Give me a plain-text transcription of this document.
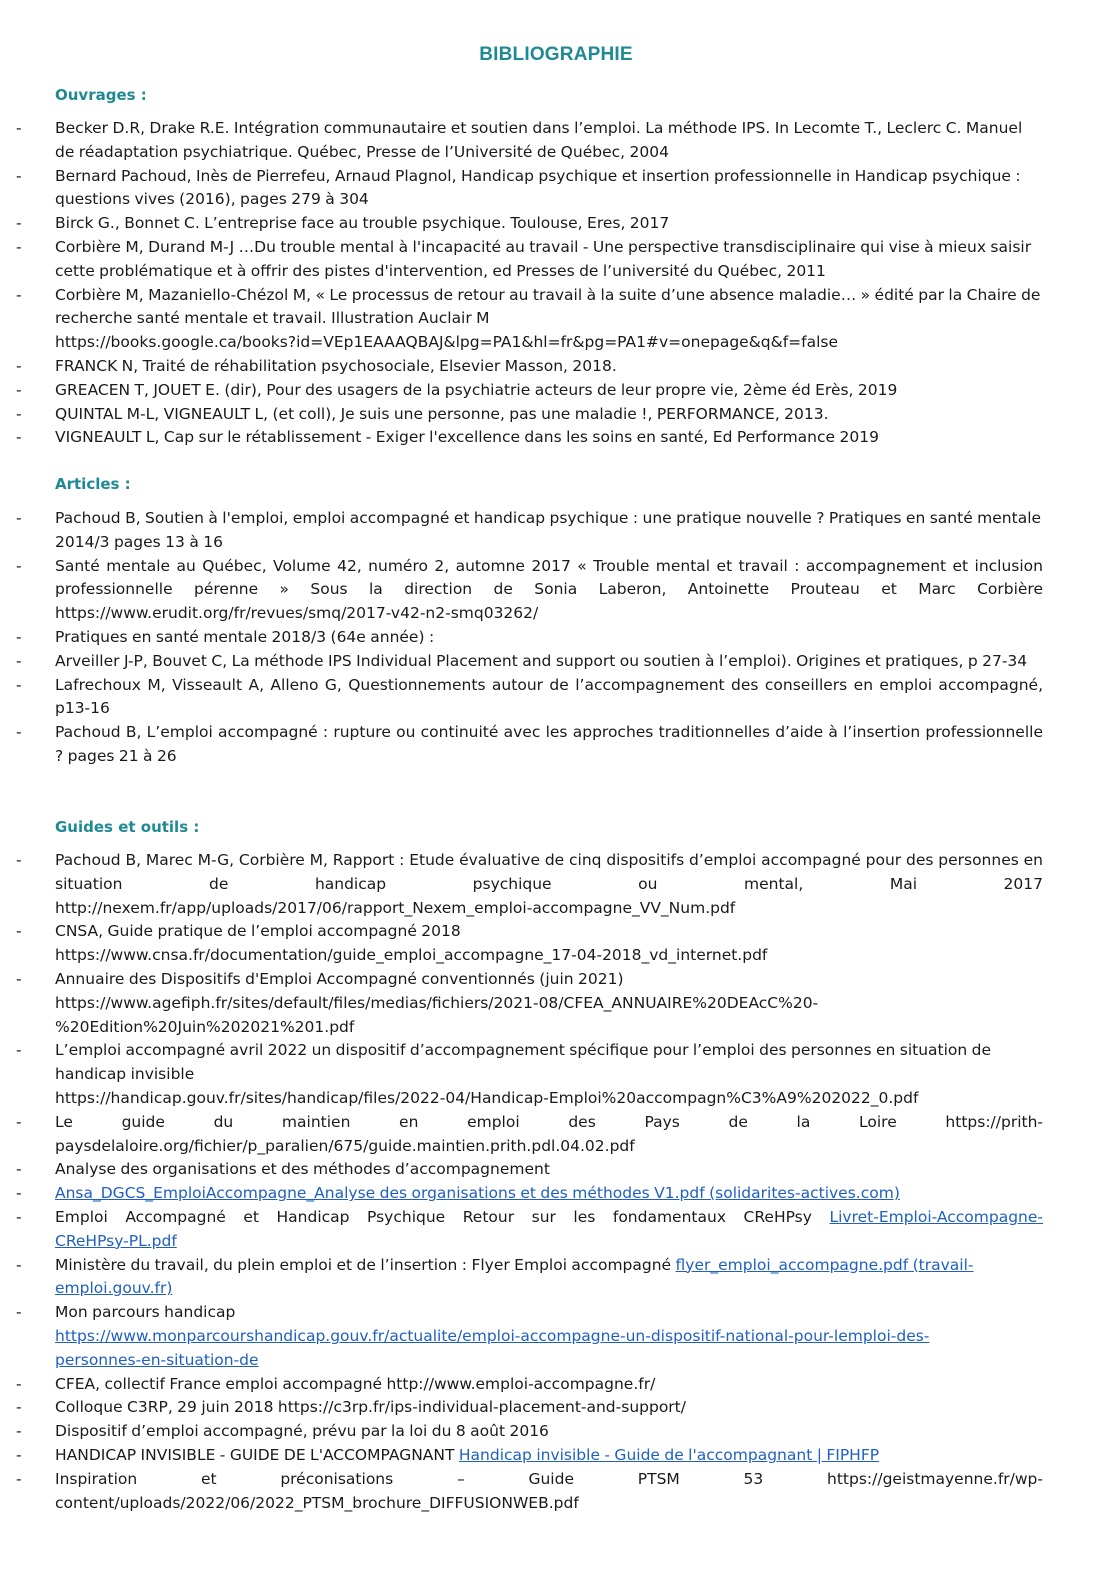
BIBLIOGRAPHIE
Ouvrages :
- Becker D.R, Drake R.E. Intégration communautaire et soutien dans l’emploi. La méthode IPS. In Lecomte T., Leclerc C. Manuel de réadaptation psychiatrique. Québec, Presse de l’Université de Québec, 2004
- Bernard Pachoud, Inès de Pierrefeu, Arnaud Plagnol, Handicap psychique et insertion professionnelle in Handicap psychique : questions vives (2016), pages 279 à 304
- Birck G., Bonnet C. L’entreprise face au trouble psychique. Toulouse, Eres, 2017
- Corbière M, Durand M-J …Du trouble mental à l'incapacité au travail - Une perspective transdisciplinaire qui vise à mieux saisir cette problématique et à offrir des pistes d'intervention, ed Presses de l’université du Québec, 2011
- Corbière M, Mazaniello-Chézol M, « Le processus de retour au travail à la suite d’une absence maladie… » édité par la Chaire de recherche santé mentale et travail. Illustration Auclair M
https://books.google.ca/books?id=VEp1EAAAQBAJ&lpg=PA1&hl=fr&pg=PA1#v=onepage&q&f=false
- FRANCK N, Traité de réhabilitation psychosociale, Elsevier Masson, 2018.
- GREACEN T, JOUET E. (dir), Pour des usagers de la psychiatrie acteurs de leur propre vie, 2ème éd Erès, 2019
- QUINTAL M-L, VIGNEAULT L, (et coll), Je suis une personne, pas une maladie !, PERFORMANCE, 2013.
- VIGNEAULT L, Cap sur le rétablissement - Exiger l'excellence dans les soins en santé, Ed Performance 2019
Articles :
- Pachoud B, Soutien à l'emploi, emploi accompagné et handicap psychique : une pratique nouvelle ? Pratiques en santé mentale 2014/3 pages 13 à 16
- Santé mentale au Québec, Volume 42, numéro 2, automne 2017 « Trouble mental et travail : accompagnement et inclusion professionnelle pérenne » Sous la direction de Sonia Laberon, Antoinette Prouteau et Marc Corbière
https://www.erudit.org/fr/revues/smq/2017-v42-n2-smq03262/
- Pratiques en santé mentale 2018/3 (64e année) :
- Arveiller J-P, Bouvet C, La méthode IPS Individual Placement and support ou soutien à l’emploi). Origines et pratiques, p 27-34
- Lafrechoux M, Visseault A, Alleno G, Questionnements autour de l’accompagnement des conseillers en emploi accompagné, p13-16
- Pachoud B, L’emploi accompagné : rupture ou continuité avec les approches traditionnelles d’aide à l’insertion professionnelle ? pages 21 à 26
Guides et outils :
- Pachoud B, Marec M-G, Corbière M, Rapport : Etude évaluative de cinq dispositifs d’emploi accompagné pour des personnes en situation de handicap psychique ou mental, Mai 2017
http://nexem.fr/app/uploads/2017/06/rapport_Nexem_emploi-accompagne_VV_Num.pdf
- CNSA, Guide pratique de l’emploi accompagné 2018
https://www.cnsa.fr/documentation/guide_emploi_accompagne_17-04-2018_vd_internet.pdf
- Annuaire des Dispositifs d'Emploi Accompagné conventionnés (juin 2021)
https://www.agefiph.fr/sites/default/files/medias/fichiers/2021-08/CFEA_ANNUAIRE%20DEAcC%20-
%20Edition%20Juin%202021%201.pdf
- L’emploi accompagné avril 2022 un dispositif d’accompagnement spécifique pour l’emploi des personnes en situation de handicap invisible
https://handicap.gouv.fr/sites/handicap/files/2022-04/Handicap-Emploi%20accompagn%C3%A9%202022_0.pdf
- Le guide du maintien en emploi des Pays de la Loire https://prith-
paysdelaloire.org/fichier/p_paralien/675/guide.maintien.prith.pdl.04.02.pdf
- Analyse des organisations et des méthodes d’accompagnement
- Ansa_DGCS_EmploiAccompagne_Analyse des organisations et des méthodes V1.pdf (solidarites-actives.com)
- Emploi Accompagné et Handicap Psychique Retour sur les fondamentaux CReHPsy Livret-Emploi-Accompagne-
CReHPsy-PL.pdf
- Ministère du travail, du plein emploi et de l’insertion : Flyer Emploi accompagné flyer_emploi_accompagne.pdf (travail-
emploi.gouv.fr)
- Mon parcours handicap
https://www.monparcourshandicap.gouv.fr/actualite/emploi-accompagne-un-dispositif-national-pour-lemploi-des-
personnes-en-situation-de
- CFEA, collectif France emploi accompagné http://www.emploi-accompagne.fr/
- Colloque C3RP, 29 juin 2018 https://c3rp.fr/ips-individual-placement-and-support/
- Dispositif d’emploi accompagné, prévu par la loi du 8 août 2016
- HANDICAP INVISIBLE - GUIDE DE L'ACCOMPAGNANT Handicap invisible - Guide de l'accompagnant | FIPHFP
- Inspiration et préconisations – Guide PTSM 53 https://geistmayenne.fr/wp-
content/uploads/2022/06/2022_PTSM_brochure_DIFFUSIONWEB.pdf
